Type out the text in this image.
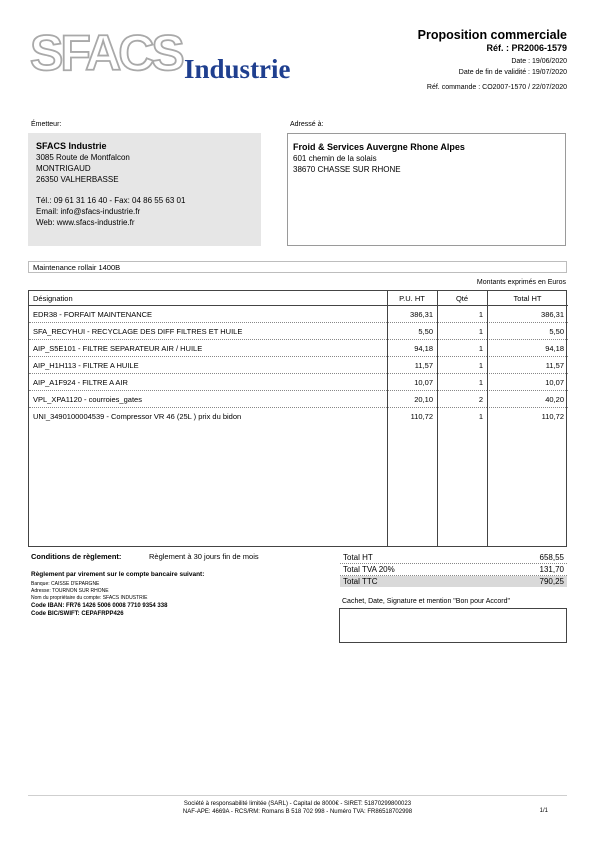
SFACS Industrie
Proposition commerciale
Réf. : PR2006-1579
Date : 19/06/2020
Date de fin de validité : 19/07/2020
Réf. commande : CO2007-1570 / 22/07/2020
Émetteur:
SFACS Industrie
3085 Route de Montfalcon
MONTRIGAUD
26350 VALHERBASSE
Tél.: 09 61 31 16 40 - Fax: 04 86 55 63 01
Email: info@sfacs-industrie.fr
Web: www.sfacs-industrie.fr
Adressé à:
Froid & Services Auvergne Rhone Alpes
601 chemin de la solais
38670 CHASSE SUR RHONE
Maintenance rollair 1400B
Montants exprimés en Euros
Désignation	P.U. HT	Qté	Total HT
EDR38 - FORFAIT MAINTENANCE	386,31	1	386,31
SFA_RECYHUI - RECYCLAGE DES DIFF FILTRES ET HUILE	5,50	1	5,50
AIP_S5E101 - FILTRE SEPARATEUR AIR / HUILE	94,18	1	94,18
AIP_H1H113 - FILTRE A HUILE	11,57	1	11,57
AIP_A1F924 - FILTRE A AIR	10,07	1	10,07
VPL_XPA1120 - courroies_gates	20,10	2	40,20
UNI_3490100004539 - Compressor VR 46 (25L ) prix du bidon	110,72	1	110,72
Conditions de règlement:	Règlement à 30 jours fin de mois
Règlement par virement sur le compte bancaire suivant:
Banque: CAISSE D'EPARGNE
Adresse: TOURNON SUR RHONE
Nom du propriétaire du compte: SFACS INDUSTRIE
Code IBAN: FR76 1426 5006 0008 7710 9354 338
Code BIC/SWIFT: CEPAFRPP426
Total HT	658,55
Total TVA 20%	131,70
Total TTC	790,25
Cachet, Date, Signature et mention "Bon pour Accord"
Société à responsabilité limitée (SARL) - Capital de 8000€ - SIRET: 51870299800023
NAF-APE: 4669A - RCS/RM: Romans B 518 702 998 - Numéro TVA: FR86518702998	1/1
